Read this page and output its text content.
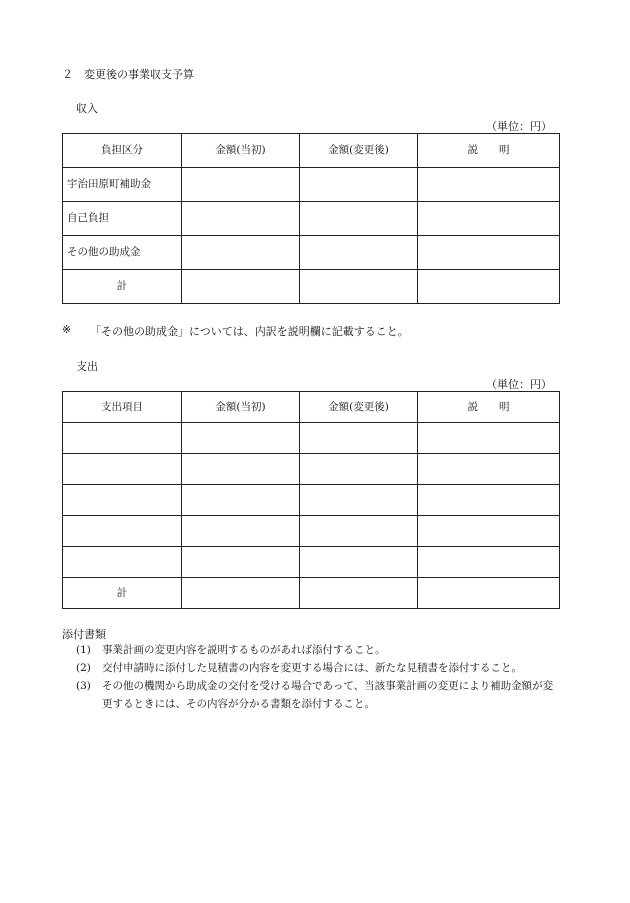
２　変更後の事業収支予算
収入
（単位：円）
負担区分	金額(当初)	金額(変更後)	説　　明
宇治田原町補助金			
自己負担			
その他の助成金			
計			
※ 「その他の助成金」については、内訳を説明欄に記載すること。
支出
（単位：円）
支出項目	金額(当初)	金額(変更後)	説　　明

計			
添付書類
(1) 事業計画の変更内容を説明するものがあれば添付すること。
(2) 交付申請時に添付した見積書の内容を変更する場合には、新たな見積書を添付すること。
(3)	その他の機関から助成金の交付を受ける場合であって、当該事業計画の変更により補助金額が変更するときには、その内容が分かる書類を添付すること。
